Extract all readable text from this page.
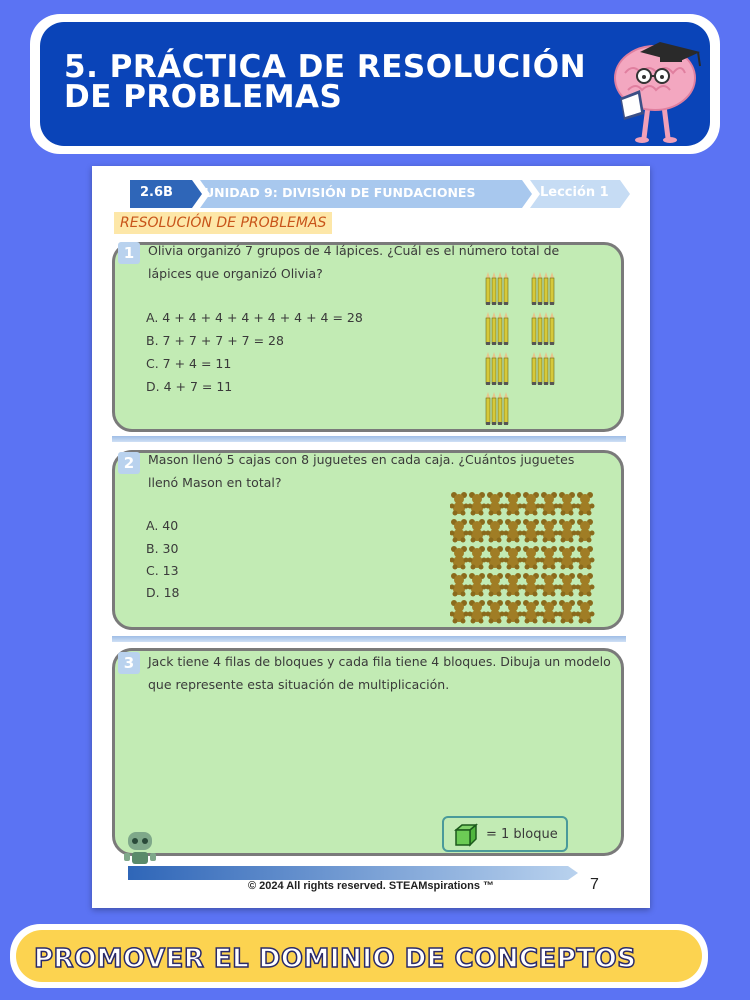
5. PRÁCTICA DE RESOLUCIÓN
DE PROBLEMAS
2.6B UNIDAD 9: DIVISIÓN DE FUNDACIONES	Lección 1
RESOLUCIÓN DE PROBLEMAS
1	Olivia organizó 7 grupos de 4 lápices. ¿Cuál es el número total de
lápices que organizó Olivia?
A. 4 + 4 + 4 + 4 + 4 + 4 + 4 = 28
B. 7 + 7 + 7 + 7 = 28
C. 7 + 4 = 11
D. 4 + 7 = 11
2	Mason llenó 5 cajas con 8 juguetes en cada caja. ¿Cuántos juguetes
llenó Mason en total?
A. 40
B. 30
C. 13
D. 18
3	Jack tiene 4 filas de bloques y cada fila tiene 4 bloques. Dibuja un modelo
que represente esta situación de multiplicación.
= 1 bloque
© 2024 All rights reserved. STEAMspirations ™	7
PROMOVER EL DOMINIO DE CONCEPTOS
